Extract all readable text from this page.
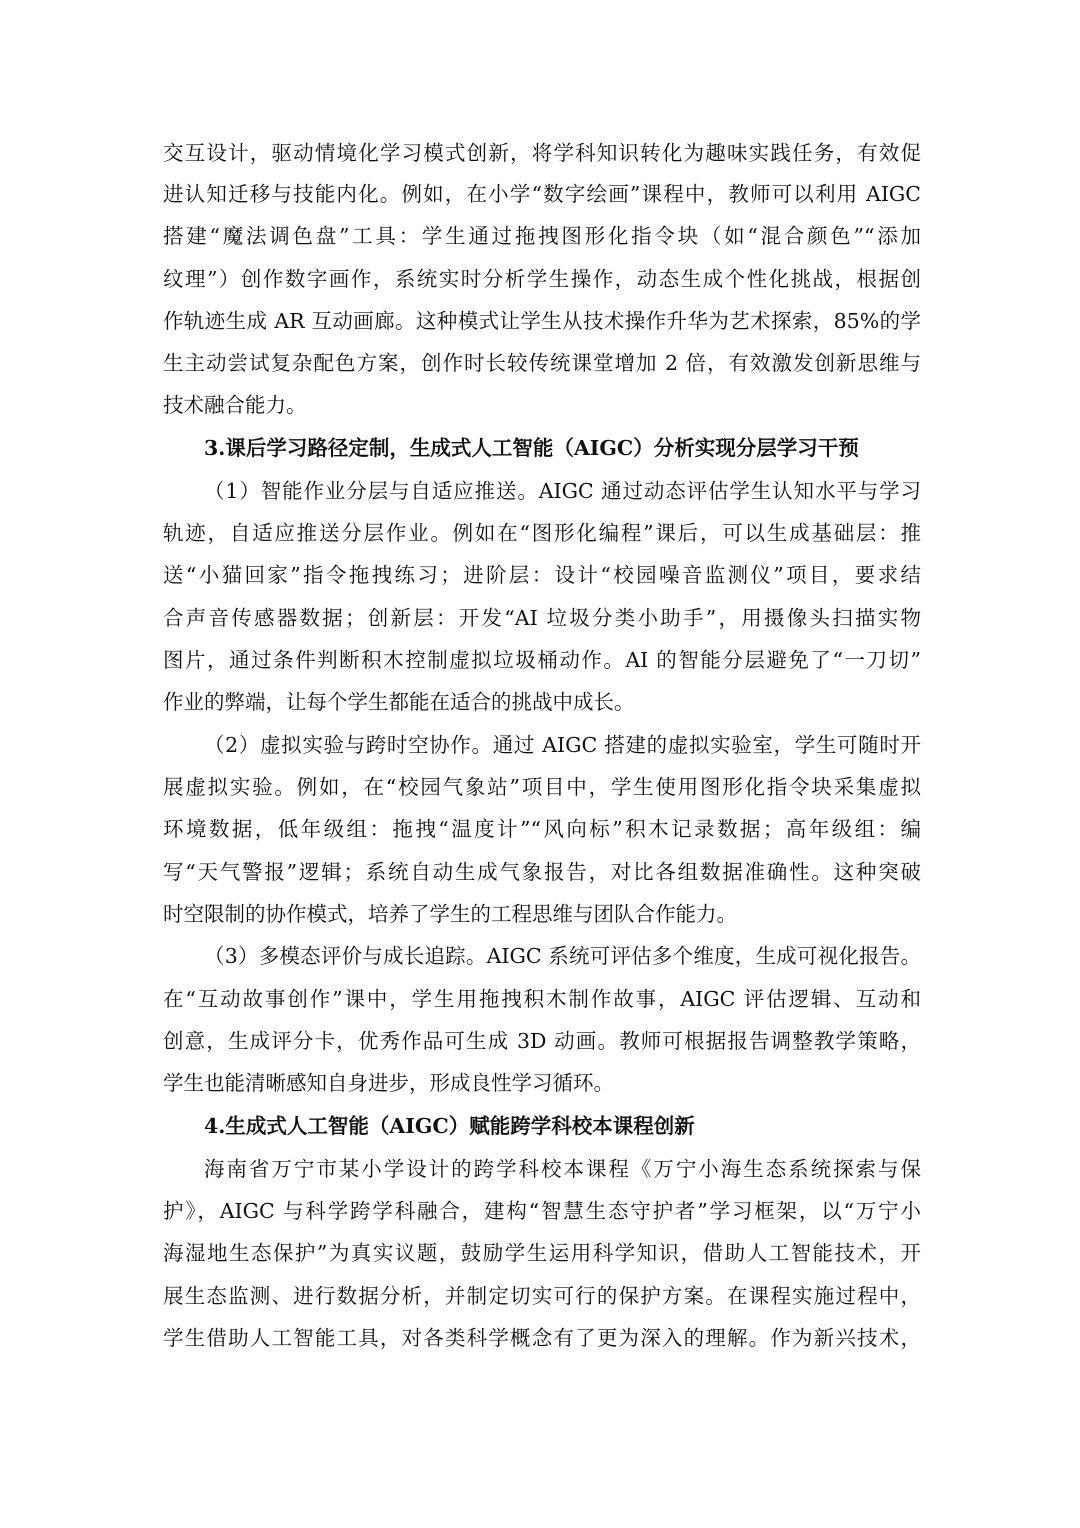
交互设计，驱动情境化学习模式创新，将学科知识转化为趣味实践任务，有效促
进认知迁移与技能内化。例如，在小学“数字绘画”课程中，教师可以利用 AIGC
搭建“魔法调色盘”工具：学生通过拖拽图形化指令块（如“混合颜色”“添加
纹理”）创作数字画作，系统实时分析学生操作，动态生成个性化挑战，根据创
作轨迹生成 AR 互动画廊。这种模式让学生从技术操作升华为艺术探索，85%的学
生主动尝试复杂配色方案，创作时长较传统课堂增加 2 倍，有效激发创新思维与
技术融合能力。
3.课后学习路径定制，生成式人工智能（AIGC）分析实现分层学习干预
（1）智能作业分层与自适应推送。AIGC 通过动态评估学生认知水平与学习
轨迹，自适应推送分层作业。例如在“图形化编程”课后，可以生成基础层：推
送“小猫回家”指令拖拽练习；进阶层：设计“校园噪音监测仪”项目，要求结
合声音传感器数据；创新层：开发“AI 垃圾分类小助手”，用摄像头扫描实物
图片，通过条件判断积木控制虚拟垃圾桶动作。AI 的智能分层避免了“一刀切”
作业的弊端，让每个学生都能在适合的挑战中成长。
（2）虚拟实验与跨时空协作。通过 AIGC 搭建的虚拟实验室，学生可随时开
展虚拟实验。例如，在“校园气象站”项目中，学生使用图形化指令块采集虚拟
环境数据，低年级组：拖拽“温度计”“风向标”积木记录数据；高年级组：编
写“天气警报”逻辑；系统自动生成气象报告，对比各组数据准确性。这种突破
时空限制的协作模式，培养了学生的工程思维与团队合作能力。
（3）多模态评价与成长追踪。AIGC 系统可评估多个维度，生成可视化报告。
在“互动故事创作”课中，学生用拖拽积木制作故事，AIGC 评估逻辑、互动和
创意，生成评分卡，优秀作品可生成 3D 动画。教师可根据报告调整教学策略，
学生也能清晰感知自身进步，形成良性学习循环。
4.生成式人工智能（AIGC）赋能跨学科校本课程创新
海南省万宁市某小学设计的跨学科校本课程《万宁小海生态系统探索与保
护》，AIGC 与科学跨学科融合，建构“智慧生态守护者”学习框架，以“万宁小
海湿地生态保护”为真实议题，鼓励学生运用科学知识，借助人工智能技术，开
展生态监测、进行数据分析，并制定切实可行的保护方案。在课程实施过程中，
学生借助人工智能工具，对各类科学概念有了更为深入的理解。作为新兴技术，
